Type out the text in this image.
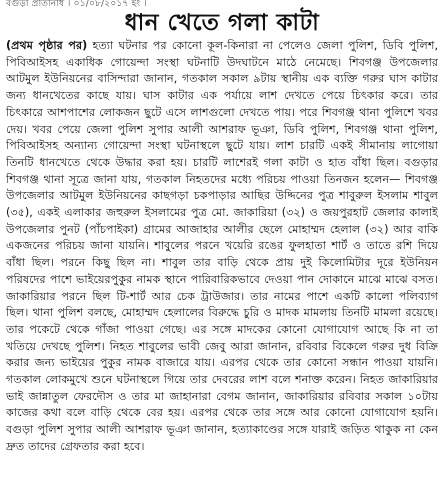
বগুড়া প্রতিনিধি । ০১/০৮/২০১৭ ইং ।
ধান খেতে গলা কাটা

(প্রথম পৃষ্ঠার পর) হত্যা ঘটনার পর কোনো কূল-কিনারা না পেলেও জেলা পুলিশ, ডিবি পুলিশ, পিবিআইসহ একাধিক গোয়েন্দা সংস্থা ঘটনাটি উদঘাটনে মাঠে নেমেছে। শিবগঞ্জ উপজেলার আটমুল ইউনিয়নের বাসিন্দারা জানান, গতকাল সকাল ৯টায় স্থানীয় এক ব্যক্তি গরুর ঘাস কাটার জন্য ধানখেতের কাছে যায়। ঘাস কাটার এক পর্যায়ে লাশ দেখতে পেয়ে চিৎকার করে। তার চিৎকারে আশপাশের লোকজন ছুটে এসে লাশগুলো দেখতে পায়। পরে শিবগঞ্জ থানা পুলিশে খবর দেয়। খবর পেয়ে জেলা পুলিশ সুপার আলী আশরাফ ভূঞা, ডিবি পুলিশ, শিবগঞ্জ থানা পুলিশ, পিবিআইসহ অন্যান্য গোয়েন্দা সংস্থা ঘটনাস্থলে ছুটে যায়। লাশ চারটি একই সীমানায় লাগোয়া তিনটি ধানখেতে থেকে উদ্ধার করা হয়। চারটি লাশেরই গলা কাটা ও হাত বাঁধা ছিল। বগুড়ার শিবগঞ্জ থানা সূত্রে জানা যায়, গতকাল নিহতদের মধ্যে পরিচয় পাওয়া তিনজন হলেন— শিবগঞ্জ উপজেলার আটমুল ইউনিয়নের কাছগড়া চকপাড়ার আছির উদ্দিনের পুত্র শাবুরুল ইসলাম শাবুল (৩৫), একই এলাকার জহুরুল ইসলামের পুত্র মো. জাকারিয়া (৩২) ও জয়পুরহাট জেলার কালাই উপজেলার পুনট (পাঁচপাইকা) গ্রামের আজাহার আলীর ছেলে মোহাম্মদ হেলাল (৩২) আর বাকি একজনের পরিচয় জানা যায়নি। শাবুলের পরনে খয়েরি রঙের ফুলহাতা শার্ট ও তাতে রশি দিয়ে বাঁধা ছিল। পরনে কিছু ছিল না। শাবুল তার বাড়ি থেকে প্রায় দুই কিলোমিটার দূরে ইউনিয়ন পরিষদের পাশে ভাইয়েরপুকুর নামক স্থানে পারিবারিকভাবে দেওয়া পান দোকানে মাঝে মাঝে বসত। জাকারিয়ার পরনে ছিল টি-শার্ট আর চেক ট্রাউজার। তার নামের পাশে একটি কালো পলিব্যাগ ছিল। থানা পুলিশ বলছে, মোহাম্মদ হেলালের বিরুদ্ধে চুরি ও মাদক মামলায় তিনটি মামলা রয়েছে। তার পকেটে থেকে গাঁজা পাওয়া গেছে। এর সঙ্গে মাদকের কোনো যোগাযোগ আছে কি না তা খতিয়ে দেখছে পুলিশ। নিহত শাবুলের ভাবী জেবু আরা জানান, রবিবার বিকেলে গরুর দুধ বিক্রি করার জন্য ভাইয়ের পুকুর নামক বাজারে যায়। এরপর থেকে তার কোনো সন্ধান পাওয়া যায়নি। গতকাল লোকমুখে শুনে ঘটনাস্থলে গিয়ে তার দেবরের লাশ বলে শনাক্ত করেন। নিহত জাকারিয়ার ভাই জান্নাতুল ফেরদৌস ও তার মা জাহানারা বেগম জানান, জাকারিয়ার রবিবার সকাল ১০টায় কাজের কথা বলে বাড়ি থেকে বের হয়। এরপর থেকে তার সঙ্গে আর কোনো যোগাযোগ হয়নি। বগুড়া পুলিশ সুপার আলী আশরাফ ভূঞা জানান, হত্যাকাণ্ডের সঙ্গে যারাই জড়িত থাকুক না কেন দ্রুত তাদের গ্রেফতার করা হবে।
